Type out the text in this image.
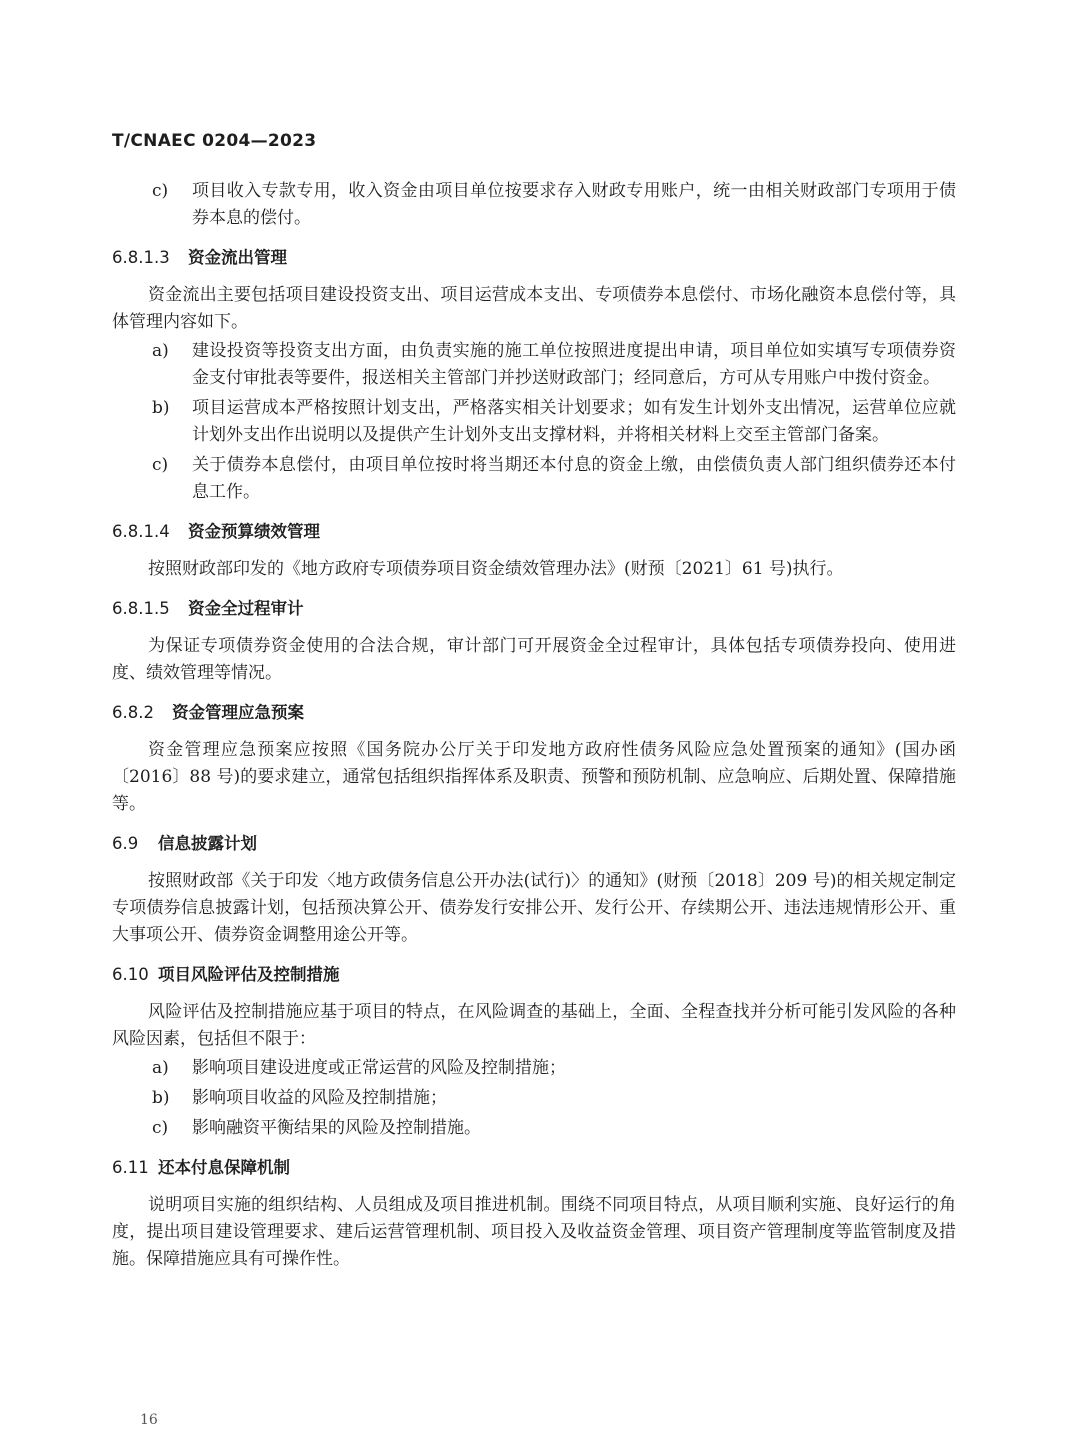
T/CNAEC 0204—2023
c) 项目收入专款专用，收入资金由项目单位按要求存入财政专用账户，统一由相关财政部门专项用于债券本息的偿付。
6.8.1.3 资金流出管理

资金流出主要包括项目建设投资支出、项目运营成本支出、专项债券本息偿付、市场化融资本息偿付等，具体管理内容如下。

a) 建设投资等投资支出方面，由负责实施的施工单位按照进度提出申请，项目单位如实填写专项债券资金支付审批表等要件，报送相关主管部门并抄送财政部门；经同意后，方可从专用账户中拨付资金。
b) 项目运营成本严格按照计划支出，严格落实相关计划要求；如有发生计划外支出情况，运营单位应就计划外支出作出说明以及提供产生计划外支出支撑材料，并将相关材料上交至主管部门备案。
c) 关于债券本息偿付，由项目单位按时将当期还本付息的资金上缴，由偿债负责人部门组织债券还本付息工作。
6.8.1.4 资金预算绩效管理

按照财政部印发的《地方政府专项债券项目资金绩效管理办法》(财预〔2021〕61 号)执行。

6.8.1.5 资金全过程审计

为保证专项债券资金使用的合法合规，审计部门可开展资金全过程审计，具体包括专项债券投向、使用进度、绩效管理等情况。

6.8.2 资金管理应急预案

资金管理应急预案应按照《国务院办公厅关于印发地方政府性债务风险应急处置预案的通知》(国办函〔2016〕88 号)的要求建立，通常包括组织指挥体系及职责、预警和预防机制、应急响应、后期处置、保障措施等。

6.9 信息披露计划

按照财政部《关于印发〈地方政债务信息公开办法(试行)〉的通知》(财预〔2018〕209 号)的相关规定制定专项债券信息披露计划，包括预决算公开、债券发行安排公开、发行公开、存续期公开、违法违规情形公开、重大事项公开、债券资金调整用途公开等。

6.10 项目风险评估及控制措施

风险评估及控制措施应基于项目的特点，在风险调查的基础上，全面、全程查找并分析可能引发风险的各种风险因素，包括但不限于：

a) 影响项目建设进度或正常运营的风险及控制措施；
b) 影响项目收益的风险及控制措施；
c) 影响融资平衡结果的风险及控制措施。
6.11 还本付息保障机制

说明项目实施的组织结构、人员组成及项目推进机制。围绕不同项目特点，从项目顺利实施、良好运行的角度，提出项目建设管理要求、建后运营管理机制、项目投入及收益资金管理、项目资产管理制度等监管制度及措施。保障措施应具有可操作性。

16
